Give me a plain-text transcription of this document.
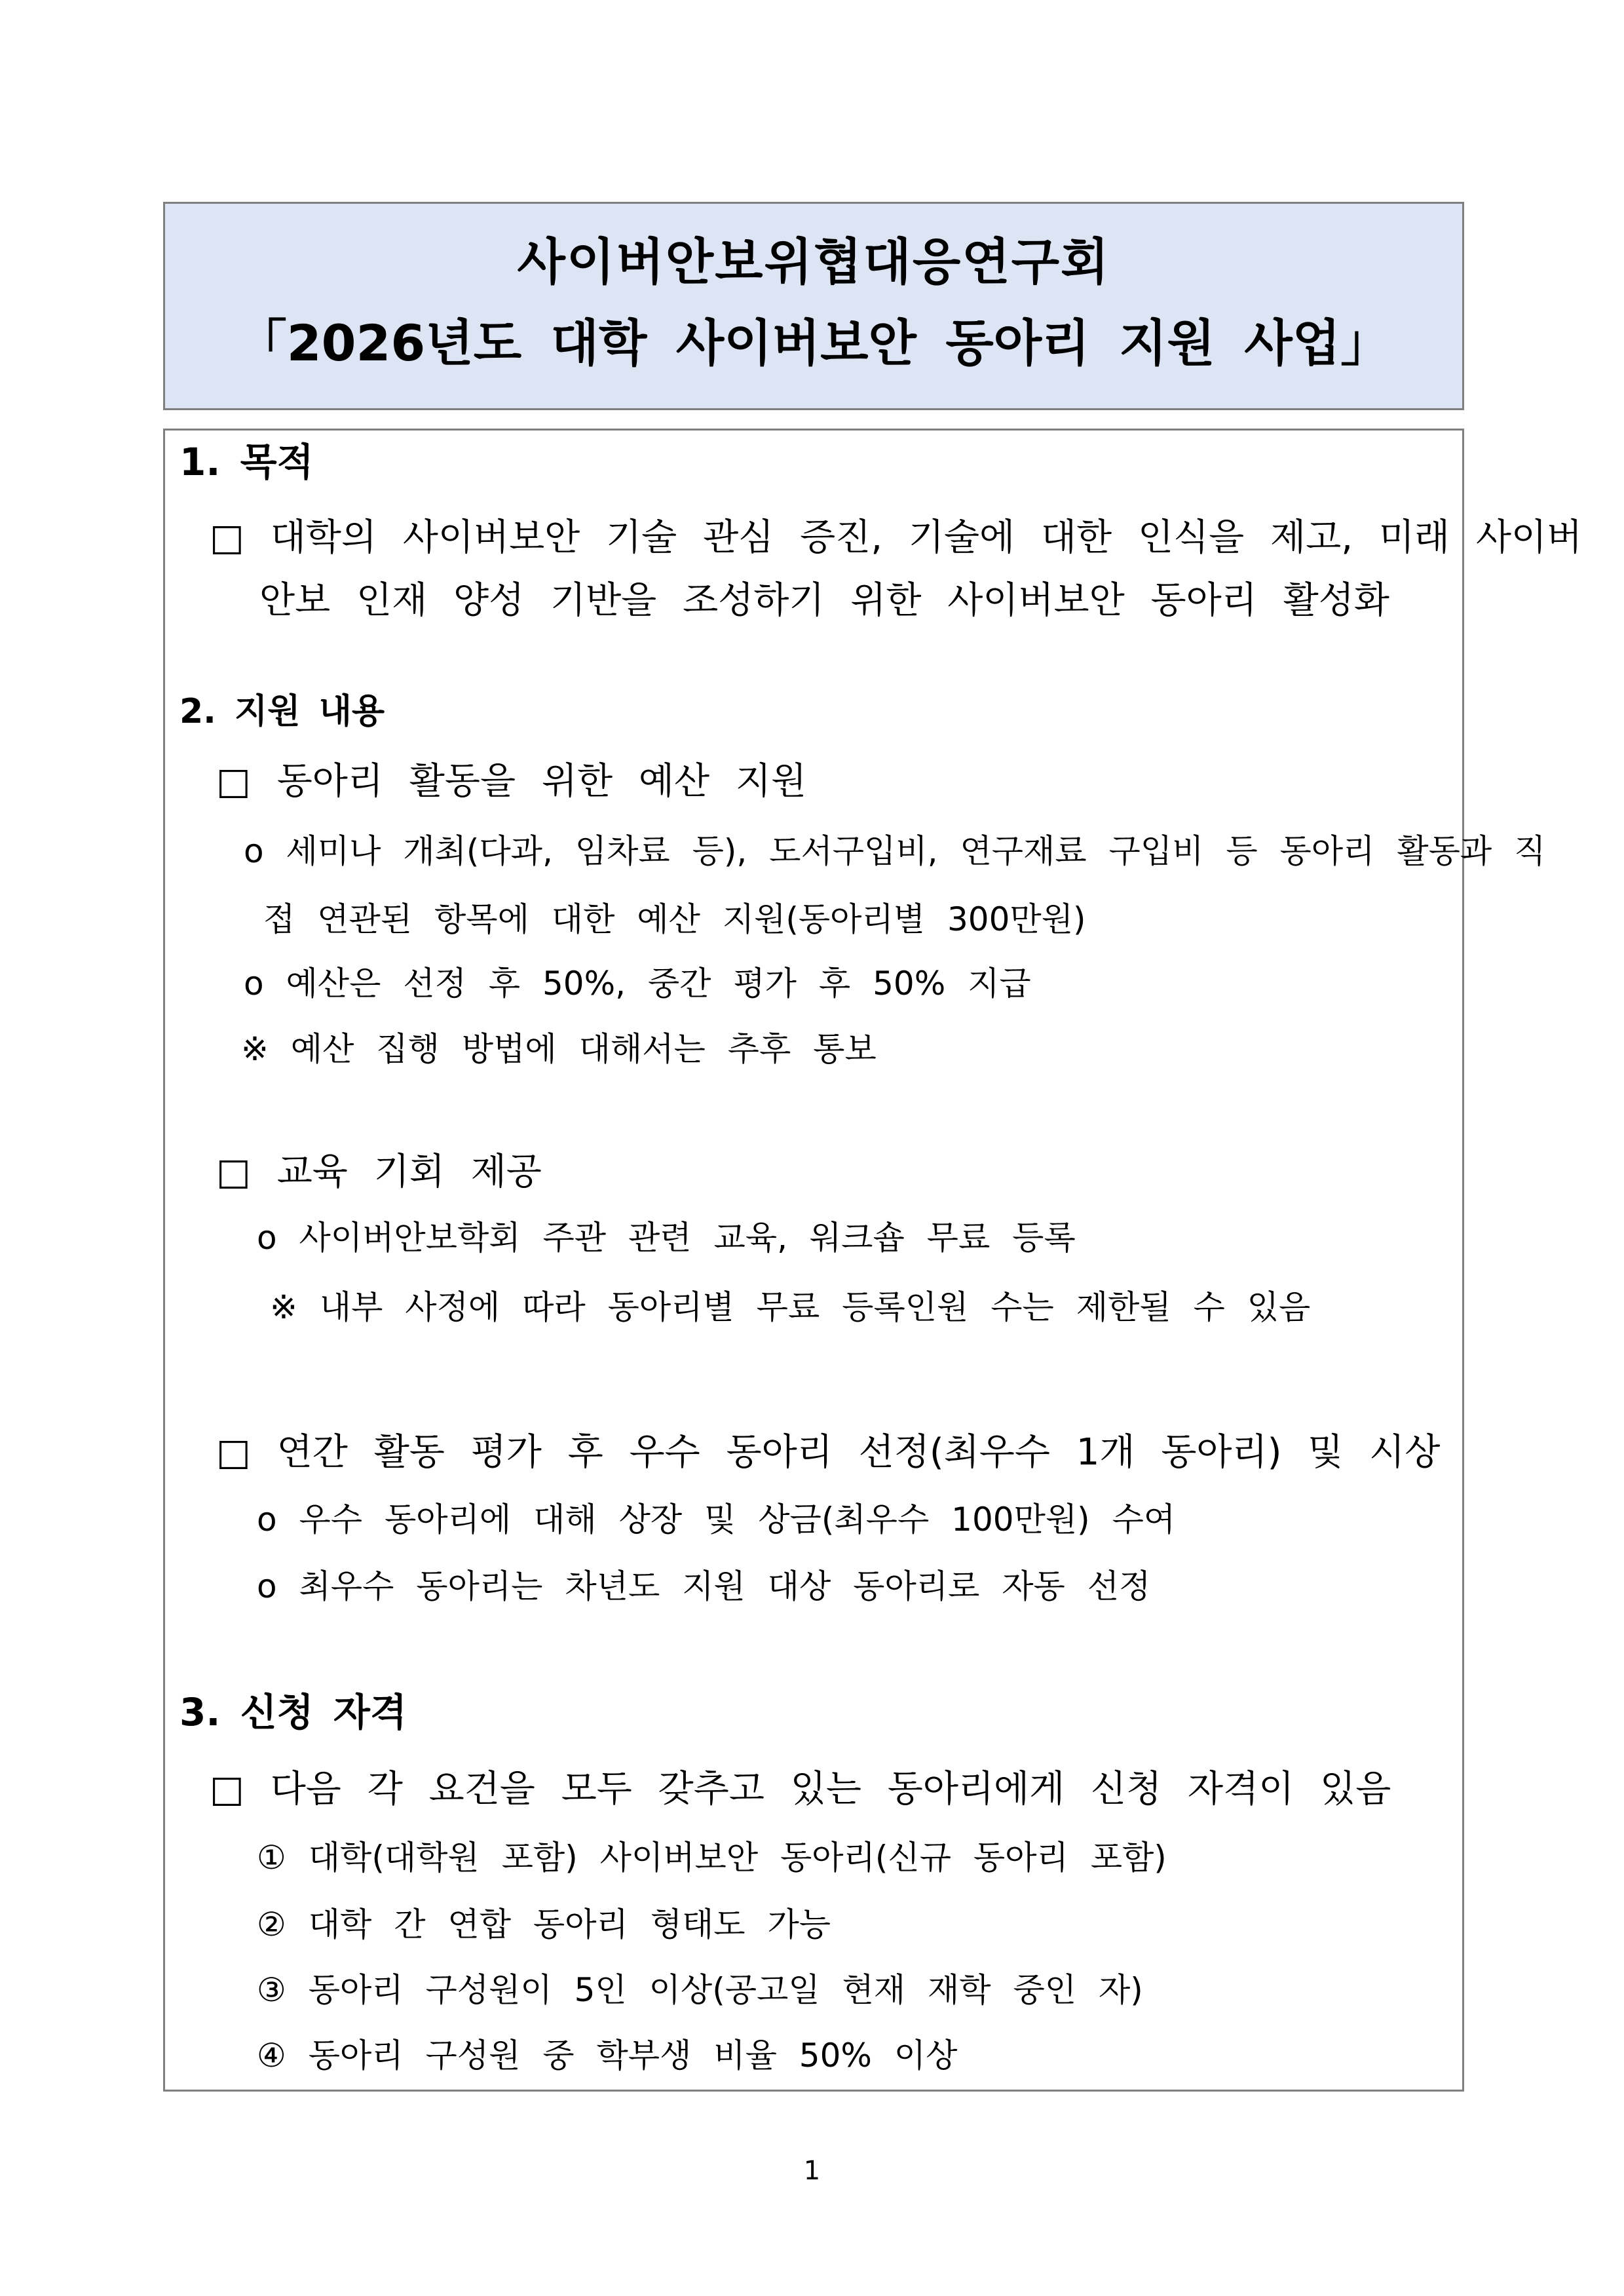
사이버안보위협대응연구회
「2026년도 대학 사이버보안 동아리 지원 사업」
1. 목적
□ 대학의 사이버보안 기술 관심 증진, 기술에 대한 인식을 제고, 미래 사이버
안보 인재 양성 기반을 조성하기 위한 사이버보안 동아리 활성화
2. 지원 내용
□ 동아리 활동을 위한 예산 지원
o 세미나 개최(다과, 임차료 등), 도서구입비, 연구재료 구입비 등 동아리 활동과 직
접 연관된 항목에 대한 예산 지원(동아리별 300만원)
o 예산은 선정 후 50%, 중간 평가 후 50% 지급
※ 예산 집행 방법에 대해서는 추후 통보
□ 교육 기회 제공
o 사이버안보학회 주관 관련 교육, 워크숍 무료 등록
※ 내부 사정에 따라 동아리별 무료 등록인원 수는 제한될 수 있음
□ 연간 활동 평가 후 우수 동아리 선정(최우수 1개 동아리) 및 시상
o 우수 동아리에 대해 상장 및 상금(최우수 100만원) 수여
o 최우수 동아리는 차년도 지원 대상 동아리로 자동 선정
3. 신청 자격
□ 다음 각 요건을 모두 갖추고 있는 동아리에게 신청 자격이 있음
① 대학(대학원 포함) 사이버보안 동아리(신규 동아리 포함)
② 대학 간 연합 동아리 형태도 가능
③ 동아리 구성원이 5인 이상(공고일 현재 재학 중인 자)
④ 동아리 구성원 중 학부생 비율 50% 이상
1
